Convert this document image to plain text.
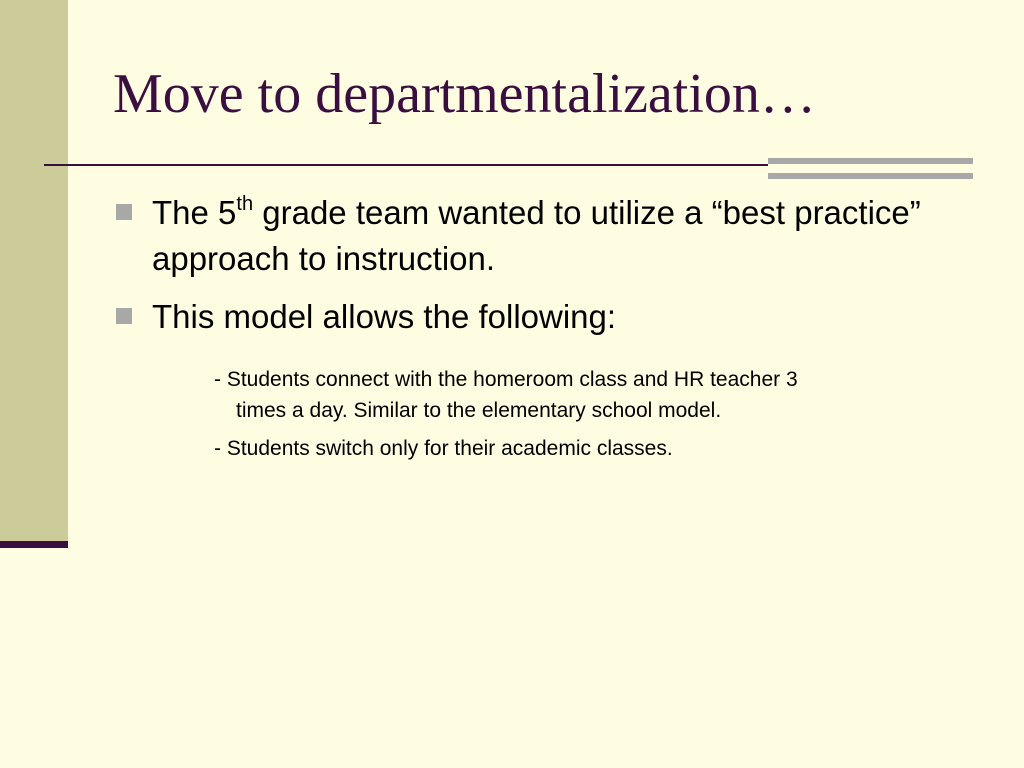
Move to departmentalization…
The 5th grade team wanted to utilize a “best practice” approach to instruction.
This model allows the following:
- Students connect with the homeroom class and HR teacher 3
times a day. Similar to the elementary school model.
- Students switch only for their academic classes.
